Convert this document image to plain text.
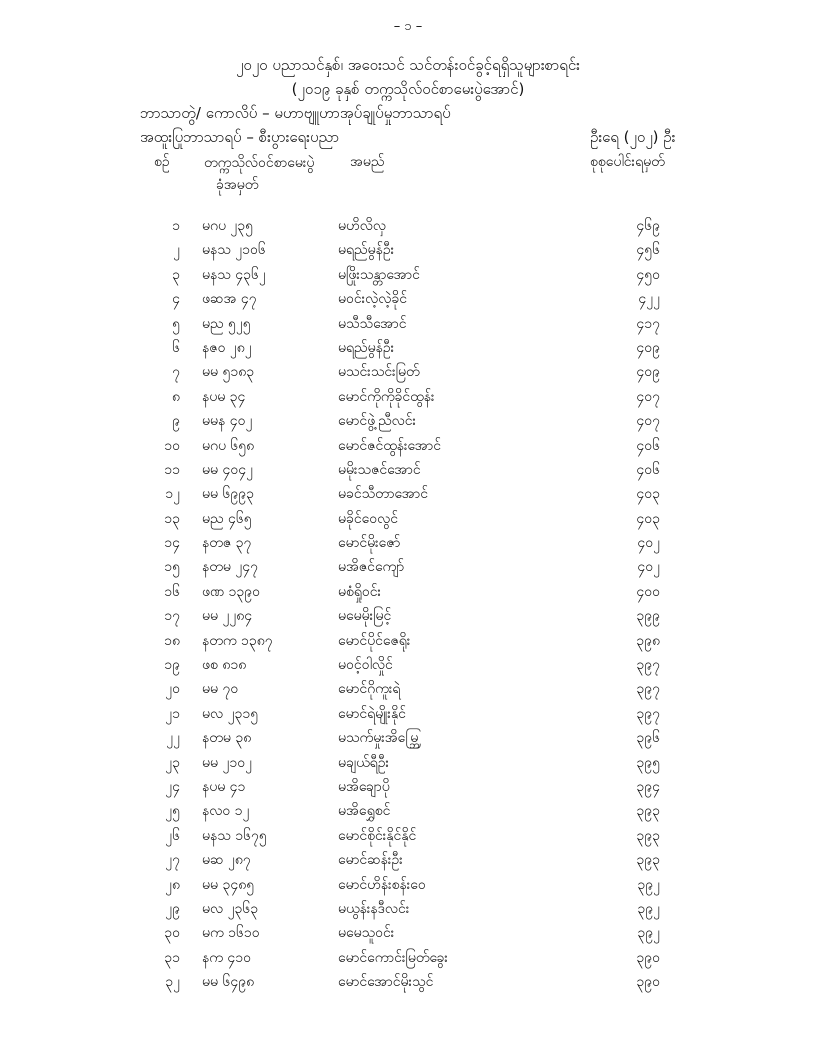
– ၁ –
၂၀၂၀ ပညာသင်နှစ်၊ အဝေးသင် သင်တန်းဝင်ခွင့်ရရှိသူများစာရင်း
(၂၀၁၉ ခုနှစ် တက္ကသိုလ်ဝင်စာမေးပွဲအောင်)
ဘာသာတွဲ/ ကောလိပ် – မဟာဗျူဟာအုပ်ချုပ်မှုဘာသာရပ်
အထူးပြုဘာသာရပ် – စီးပွားရေးပညာ	ဦးရေ (၂၀၂) ဦး
စဉ် တက္ကသိုလ်ဝင်စာမေးပွဲ
ခုံအမှတ်
အမည်	စုစုပေါင်းရမှတ်
၁ မဂပ ၂၃၅	မဟိလိလှ	၄၆၉
၂ မနသ ၂၁၀၆	မရည်မွန်ဦး	၄၅၆
၃ မနသ ၄၃၆၂	မဖြိုးသန္တာအောင်	၄၅၀
၄ ဖဆအ ၄၇	မဝင်းလဲ့လဲ့ခိုင်	၄၂၂
၅ မည ၅၂၅	မသီသီအောင်	၄၁၇
၆ နဇဝ ၂၈၂	မရည်မွန်ဦး	၄၀၉
၇ မမ ၅၁၈၃	မသင်းသင်းမြတ်	၄၀၉
၈ နပမ ၃၄	မောင်ကိုကိုခိုင်ထွန်း	၄၀၇
၉ မမန ၄၀၂	မောင်ဖွဲ့ညီလင်း	၄၀၇
၁၀ မဂပ ၆၅၈	မောင်ဇင်ထွန်းအောင်	၄၀၆
၁၁ မမ ၄၀၄၂	မမိုးသဇင်အောင်	၄၀၆
၁၂ မမ ၆၉၉၃	မခင်သီတာအောင်	၄၀၃
၁၃ မည ၄၆၅	မခိုင်ဝေလွင်	၄၀၃
၁၄ နတဇ ၃၇	မောင်မိုးဇော်	၄၀၂
၁၅ နတမ ၂၄၇	မအိဇင်ကျော်	၄၀၂
၁၆ ဖဏ ၁၃၉၀	မစံရှိုဝင်း	၄၀၀
၁၇ မမ ၂၂၈၄	မမေမိုးမြင့်	၃၉၉
၁၈ နတက ၁၃၈၇	မောင်ပိုင်ဇေရိုး	၃၉၈
၁၉ ဖစ ၈၁၈	မဝင့်ဝါလှိုင်	၃၉၇
၂၀ မမ ၇၀	မောင်ဂိုကူးရဲ	၃၉၇
၂၁ မလ ၂၃၁၅	မောင်ရဲမျိုးနိုင်	၃၉၇
၂၂ နတမ ၃၈	မသက်မှုးအိမ္ဘြေ	၃၉၆
၂၃ မမ ၂၁၀၂	မချယ်ရီဦး	၃၉၅
၂၄ နပမ ၄၁	မအိချောပို	၃၉၄
၂၅ နလဝ ၁၂	မအိရွှေစင်	၃၉၃
၂၆ မနသ ၁၆၇၅	မောင်စိုင်းနိုင်နိုင်	၃၉၃
၂၇ မဆ ၂၈၇	မောင်ဆန်းဦး	၃၉၃
၂၈ မမ ၃၄၈၅	မောင်ဟိန်းစန်းဝေ	၃၉၂
၂၉ မလ ၂၃၆၃	မယွန်းနဒီလင်း	၃၉၂
၃၀ မက ၁၆၁၀	မမေသူဝင်း	၃၉၂
၃၁ နက ၄၁၀	မောင်ကောင်းမြတ်ခွေး	၃၉၀
၃၂ မမ ၆၄၉၈	မောင်အောင်မိုးသွင်	၃၉၀
